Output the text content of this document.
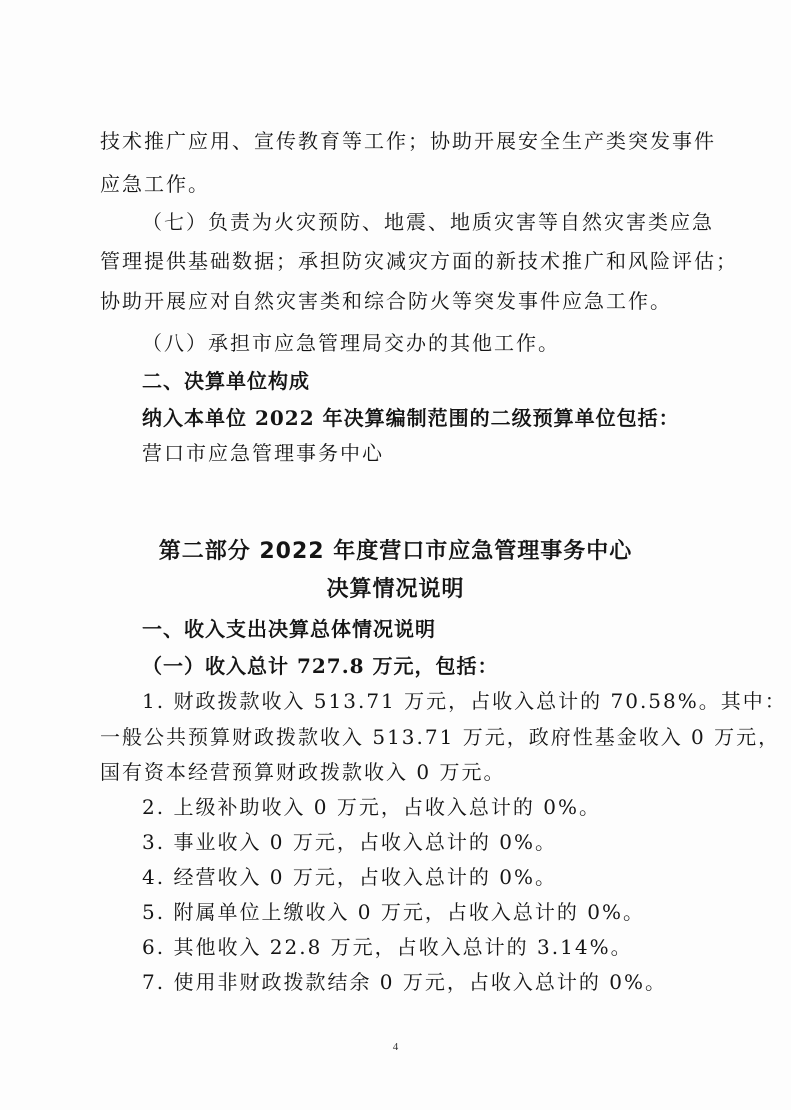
技术推广应用、宣传教育等工作；协助开展安全生产类突发事件
应急工作。
（七）负责为火灾预防、地震、地质灾害等自然灾害类应急
管理提供基础数据；承担防灾减灾方面的新技术推广和风险评估；
协助开展应对自然灾害类和综合防火等突发事件应急工作。
（八）承担市应急管理局交办的其他工作。
二、决算单位构成
纳入本单位 2022 年决算编制范围的二级预算单位包括：
营口市应急管理事务中心
第二部分 2022 年度营口市应急管理事务中心
决算情况说明
一、收入支出决算总体情况说明
（一）收入总计 727.8 万元，包括：
1. 财政拨款收入 513.71 万元，占收入总计的 70.58%。其中：
一般公共预算财政拨款收入 513.71 万元，政府性基金收入 0 万元，
国有资本经营预算财政拨款收入 0 万元。
2. 上级补助收入 0 万元，占收入总计的 0%。
3. 事业收入 0 万元，占收入总计的 0%。
4. 经营收入 0 万元，占收入总计的 0%。
5. 附属单位上缴收入 0 万元，占收入总计的 0%。
6. 其他收入 22.8 万元，占收入总计的 3.14%。
7. 使用非财政拨款结余 0 万元，占收入总计的 0%。
4
